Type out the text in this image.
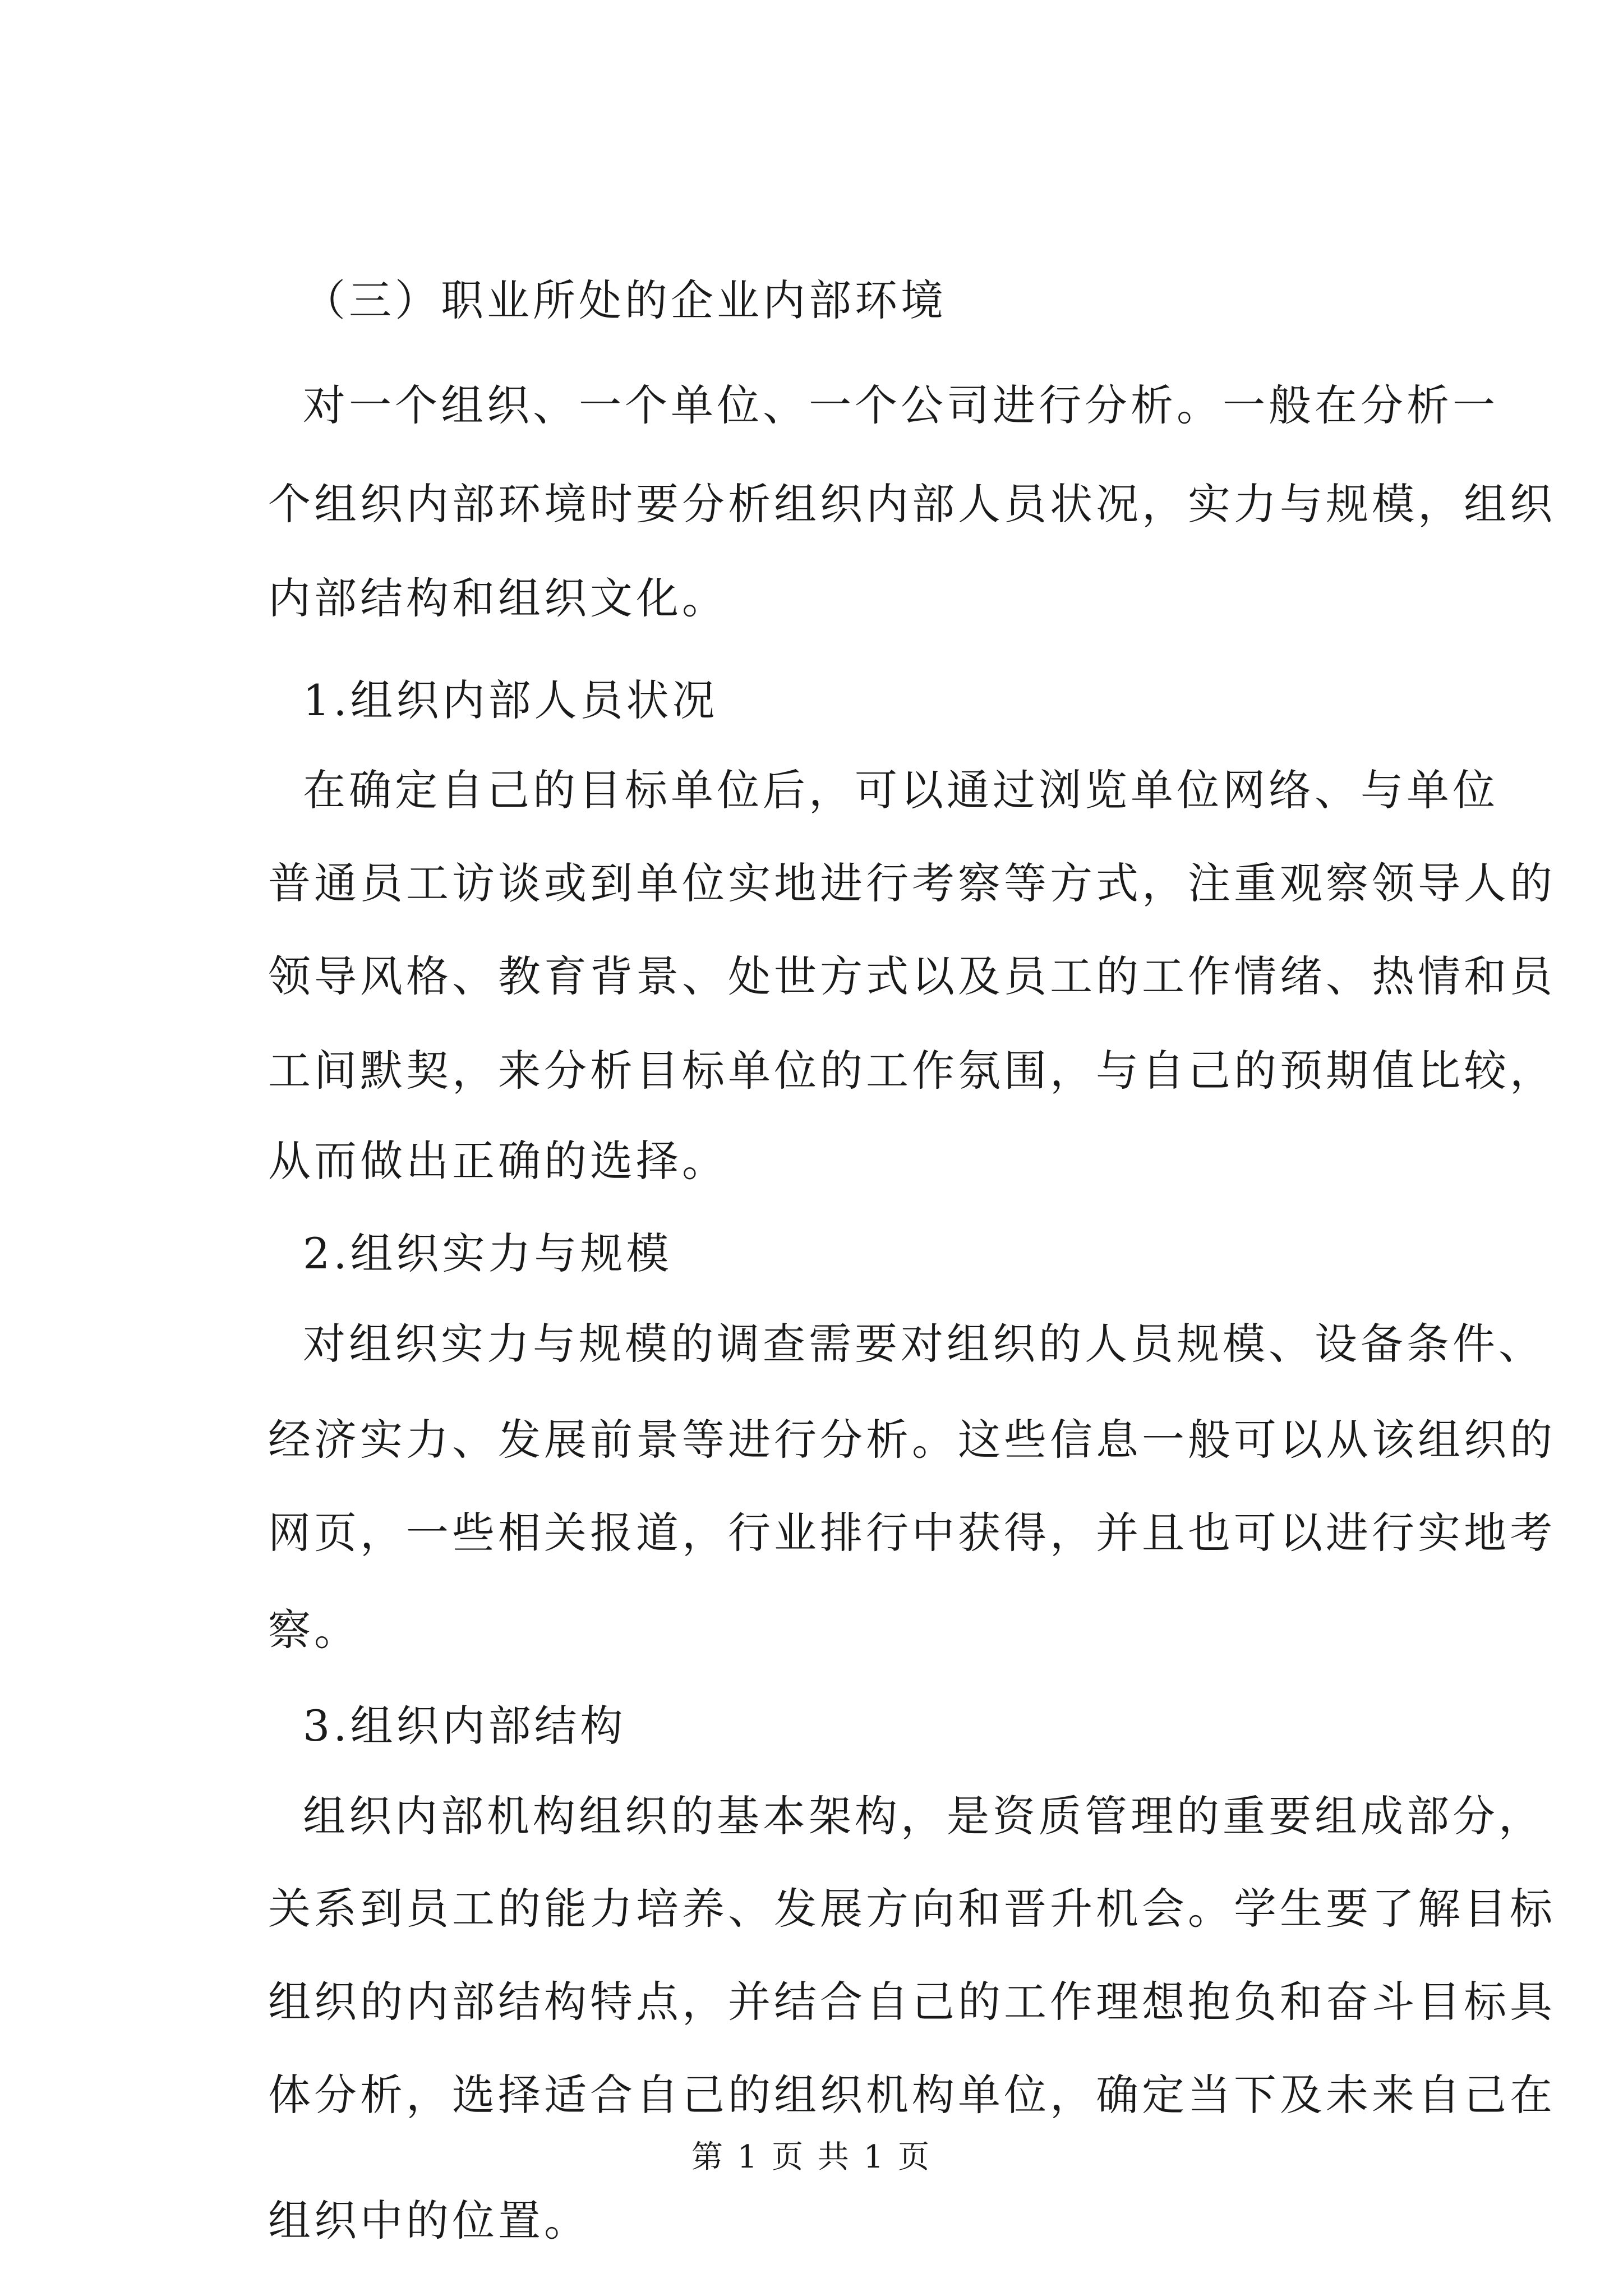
（三）职业所处的企业内部环境
对一个组织、一个单位、一个公司进行分析。一般在分析一
个组织内部环境时要分析组织内部人员状况，实力与规模，组织
内部结构和组织文化。
1.组织内部人员状况
在确定自己的目标单位后，可以通过浏览单位网络、与单位
普通员工访谈或到单位实地进行考察等方式，注重观察领导人的
领导风格、教育背景、处世方式以及员工的工作情绪、热情和员
工间默契，来分析目标单位的工作氛围，与自己的预期值比较，
从而做出正确的选择。
2.组织实力与规模
对组织实力与规模的调查需要对组织的人员规模、设备条件、
经济实力、发展前景等进行分析。这些信息一般可以从该组织的
网页，一些相关报道，行业排行中获得，并且也可以进行实地考
察。
3.组织内部结构
组织内部机构组织的基本架构，是资质管理的重要组成部分，
关系到员工的能力培养、发展方向和晋升机会。学生要了解目标
组织的内部结构特点，并结合自己的工作理想抱负和奋斗目标具
体分析，选择适合自己的组织机构单位，确定当下及未来自己在
组织中的位置。
第 1 页 共 1 页
